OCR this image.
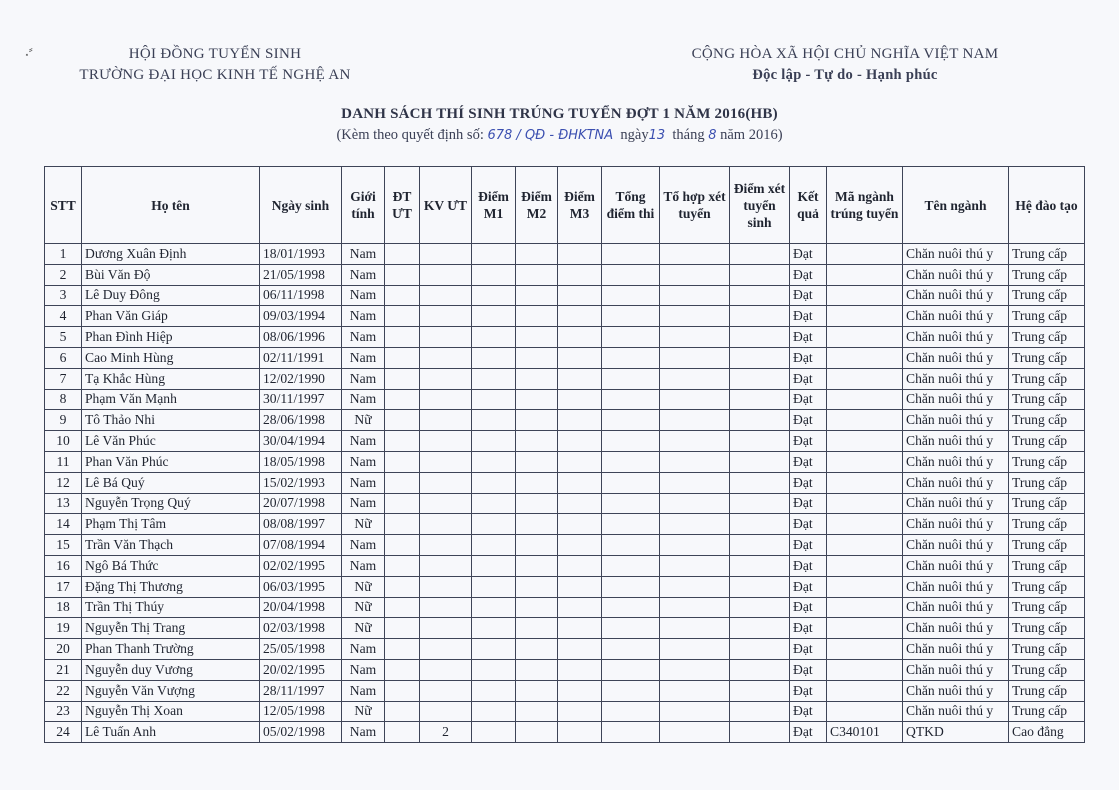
⸼⸗	HỘI ĐỒNG TUYỂN SINH
TRƯỜNG ĐẠI HỌC KINH TẾ NGHỆ AN
CỘNG HÒA XÃ HỘI CHỦ NGHĨA VIỆT NAM
Độc lập - Tự do - Hạnh phúc
DANH SÁCH THÍ SINH TRÚNG TUYỂN ĐỢT 1 NĂM 2016(HB)
(Kèm theo quyết định số: 678 / QĐ - ĐHKTNA ngày13 tháng 8 năm 2016)
STT	Họ tên	Ngày sinh	Giới tính	ĐT ƯT	KV ƯT	Điểm M1	Điểm M2	Điểm M3	Tổng điểm thi	Tổ hợp xét tuyển	Điểm xét tuyển sinh	Kết quả	Mã ngành trúng tuyển	Tên ngành	Hệ đào tạo
1	Dương Xuân Định	18/01/1993	Nam									Đạt		Chăn nuôi thú y	Trung cấp
2	Bùi Văn Độ	21/05/1998	Nam									Đạt		Chăn nuôi thú y	Trung cấp
3	Lê Duy Đông	06/11/1998	Nam									Đạt		Chăn nuôi thú y	Trung cấp
4	Phan Văn Giáp	09/03/1994	Nam									Đạt		Chăn nuôi thú y	Trung cấp
5	Phan Đình Hiệp	08/06/1996	Nam									Đạt		Chăn nuôi thú y	Trung cấp
6	Cao Minh Hùng	02/11/1991	Nam									Đạt		Chăn nuôi thú y	Trung cấp
7	Tạ Khắc Hùng	12/02/1990	Nam									Đạt		Chăn nuôi thú y	Trung cấp
8	Phạm Văn Mạnh	30/11/1997	Nam									Đạt		Chăn nuôi thú y	Trung cấp
9	Tô Thảo Nhi	28/06/1998	Nữ									Đạt		Chăn nuôi thú y	Trung cấp
10	Lê Văn Phúc	30/04/1994	Nam									Đạt		Chăn nuôi thú y	Trung cấp
11	Phan Văn Phúc	18/05/1998	Nam									Đạt		Chăn nuôi thú y	Trung cấp
12	Lê Bá Quý	15/02/1993	Nam									Đạt		Chăn nuôi thú y	Trung cấp
13	Nguyễn Trọng Quý	20/07/1998	Nam									Đạt		Chăn nuôi thú y	Trung cấp
14	Phạm Thị Tâm	08/08/1997	Nữ									Đạt		Chăn nuôi thú y	Trung cấp
15	Trần Văn Thạch	07/08/1994	Nam									Đạt		Chăn nuôi thú y	Trung cấp
16	Ngô Bá Thức	02/02/1995	Nam									Đạt		Chăn nuôi thú y	Trung cấp
17	Đặng Thị Thương	06/03/1995	Nữ									Đạt		Chăn nuôi thú y	Trung cấp
18	Trần Thị Thúy	20/04/1998	Nữ									Đạt		Chăn nuôi thú y	Trung cấp
19	Nguyễn Thị Trang	02/03/1998	Nữ									Đạt		Chăn nuôi thú y	Trung cấp
20	Phan Thanh Trường	25/05/1998	Nam									Đạt		Chăn nuôi thú y	Trung cấp
21	Nguyễn duy Vương	20/02/1995	Nam									Đạt		Chăn nuôi thú y	Trung cấp
22	Nguyễn Văn Vượng	28/11/1997	Nam									Đạt		Chăn nuôi thú y	Trung cấp
23	Nguyễn Thị Xoan	12/05/1998	Nữ									Đạt		Chăn nuôi thú y	Trung cấp
24	Lê Tuấn Anh	05/02/1998	Nam		2							Đạt	C340101	QTKD	Cao đẳng
